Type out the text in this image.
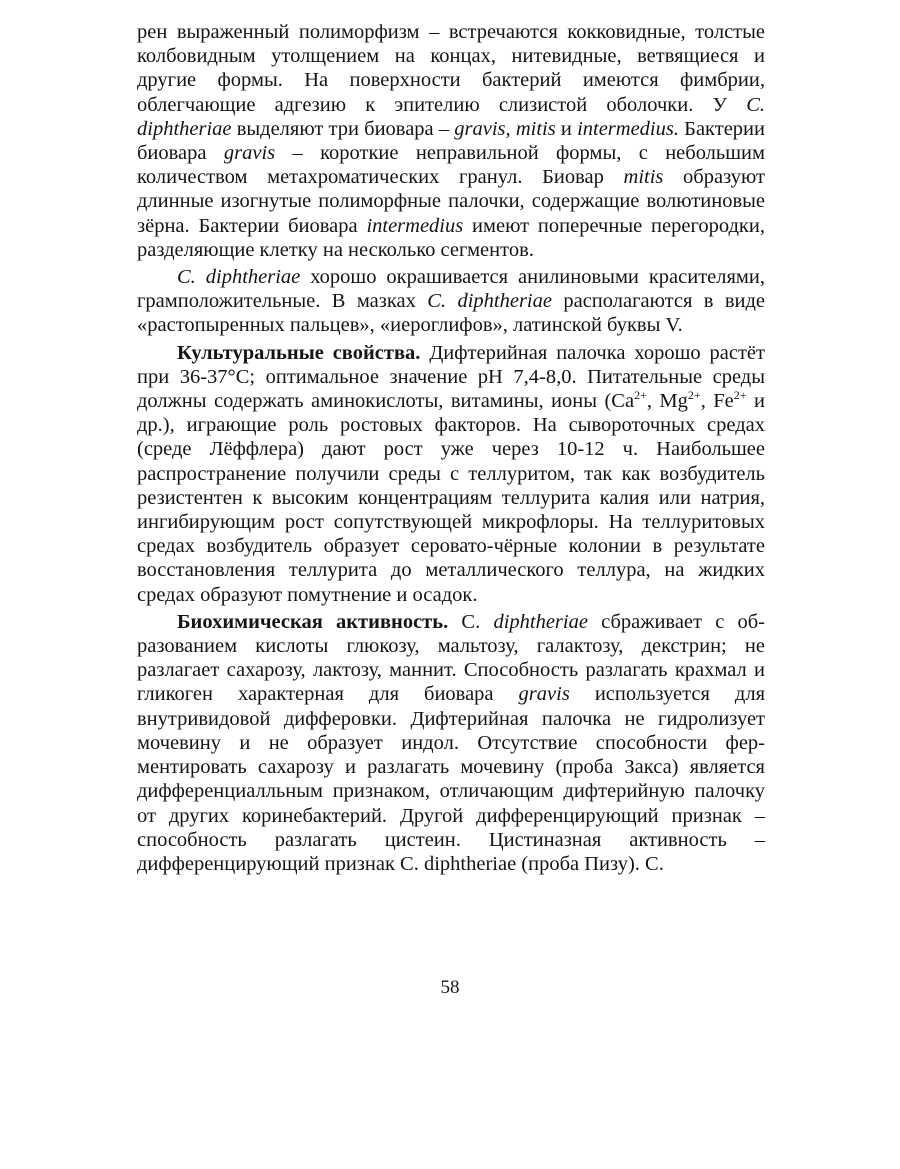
рен выраженный полиморфизм – встречаются кокковидные, толстые колбовидным утолщением на концах, нитевидные, ветвящиеся и другие формы. На поверхности бактерий имеются фимбрии, облегчающие адгезию к эпителию слизистой оболочки. У C. diphtheriae выделяют три биовара – gravis, mitis и intermedius. Бактерии биовара gravis – короткие неправильной формы, с небольшим количеством метахроматических гранул. Биовар mitis образуют длинные изогнутые полиморфные палочки, содержащие волютиновые зёрна. Бактерии биовара intermedius имеют поперечные перегородки, разделяющие клетку на несколько сегментов.

C. diphtheriae хорошо окрашивается анилиновыми красителями, грамположительные. В мазках C. diphtheriae располагаются в виде «растопыренных пальцев», «иероглифов», латинской буквы V.

Культуральные свойства. Дифтерийная палочка хорошо растёт при 36-37°С; оптимальное значение рН 7,4-8,0. Питательные среды должны содержать аминокислоты, витамины, ионы ($Ca^{2+}$, $Mg^{2+}$, $Fe^{2+}$ и др.), играющие роль ростовых факторов. На сывороточных средах (среде Лёффлера) дают рост уже через 10-12 ч. Наибольшее распространение получили среды с теллуритом, так как возбудитель резистентен к высоким концентрациям теллурита калия или натрия, ингибирующим рост сопутствующей микрофлоры. На теллуритовых средах возбудитель образует серовато-чёрные колонии в результате восстановления теллурита до металлического теллура, на жидких средах образуют помутнение и осадок.

Биохимическая активность. C. diphtheriae сбраживает с образованием кислоты глюкозу, мальтозу, галактозу, декстрин; не разлагает сахарозу, лактозу, маннит. Способность разлагать крахмал и гликоген характерная для биовара gravis используется для внутривидовой дифферовки. Дифтерийная палочка не гидролизует мочевину и не образует индол. Отсутствие способности ферментировать сахарозу и разлагать мочевину (проба Закса) является дифференциалльным признаком, отличающим дифтерийную палочку от других коринебактерий. Другой дифференцирующий признак – способность разлагать цистеин. Цистиназная активность – дифференцирующий признак C. diphtheriae (проба Пизу). C.

58
